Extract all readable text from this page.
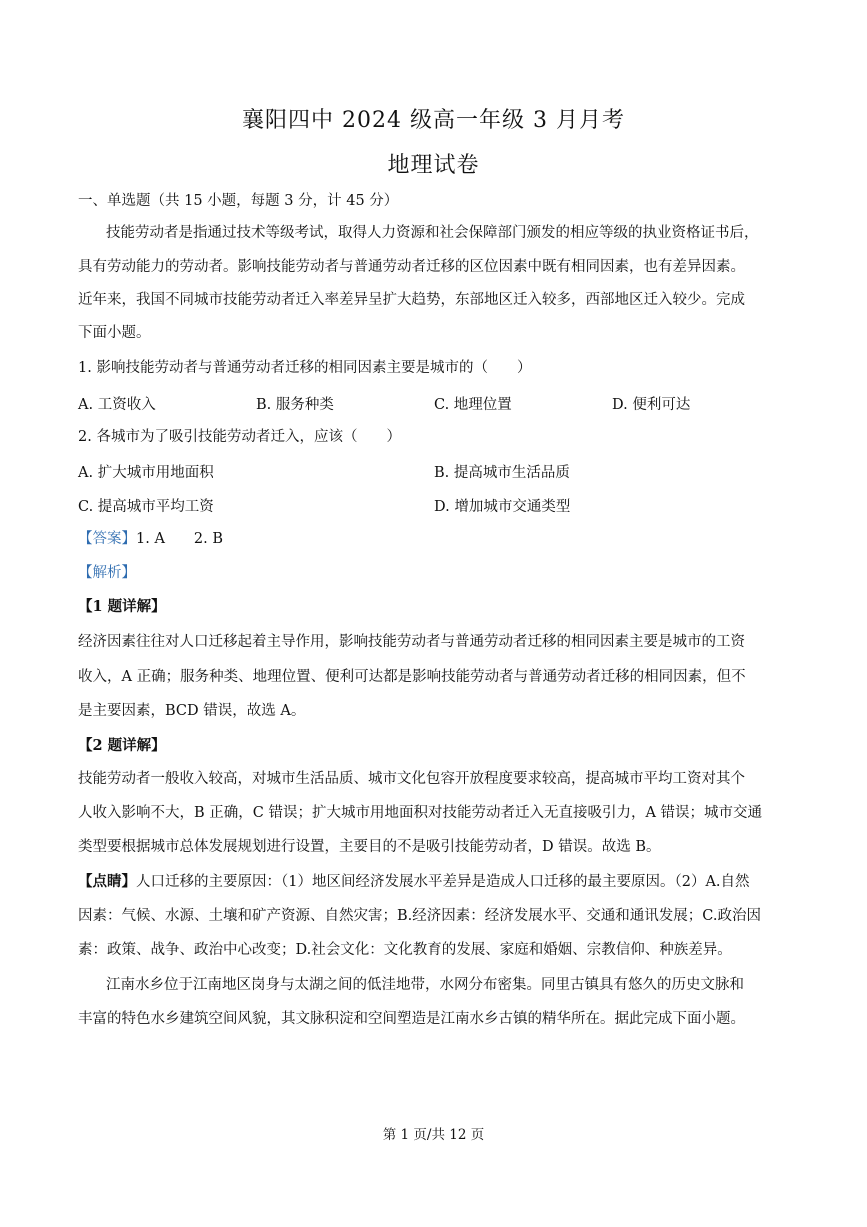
襄阳四中 2024 级高一年级 3 月月考
地理试卷
一、单选题（共 15 小题，每题 3 分，计 45 分）
技能劳动者是指通过技术等级考试，取得人力资源和社会保障部门颁发的相应等级的执业资格证书后，
具有劳动能力的劳动者。影响技能劳动者与普通劳动者迁移的区位因素中既有相同因素，也有差异因素。
近年来，我国不同城市技能劳动者迁入率差异呈扩大趋势，东部地区迁入较多，西部地区迁入较少。完成
下面小题。
1. 影响技能劳动者与普通劳动者迁移的相同因素主要是城市的（　　）
A. 工资收入	B. 服务种类	C. 地理位置	D. 便利可达
2. 各城市为了吸引技能劳动者迁入，应该（　　）
A. 扩大城市用地面积	B. 提高城市生活品质
C. 提高城市平均工资	D. 增加城市交通类型
【答案】1. A　　2. B
【解析】
【1 题详解】
经济因素往往对人口迁移起着主导作用，影响技能劳动者与普通劳动者迁移的相同因素主要是城市的工资
收入，A 正确；服务种类、地理位置、便利可达都是影响技能劳动者与普通劳动者迁移的相同因素，但不
是主要因素，BCD 错误，故选 A。
【2 题详解】
技能劳动者一般收入较高，对城市生活品质、城市文化包容开放程度要求较高，提高城市平均工资对其个
人收入影响不大，B 正确，C 错误；扩大城市用地面积对技能劳动者迁入无直接吸引力，A 错误；城市交通
类型要根据城市总体发展规划进行设置，主要目的不是吸引技能劳动者，D 错误。故选 B。
【点睛】人口迁移的主要原因：（1）地区间经济发展水平差异是造成人口迁移的最主要原因。（2）A.自然
因素：气候、水源、土壤和矿产资源、自然灾害；B.经济因素：经济发展水平、交通和通讯发展；C.政治因
素：政策、战争、政治中心改变；D.社会文化：文化教育的发展、家庭和婚姻、宗教信仰、种族差异。
江南水乡位于江南地区岗身与太湖之间的低洼地带，水网分布密集。同里古镇具有悠久的历史文脉和
丰富的特色水乡建筑空间风貌，其文脉积淀和空间塑造是江南水乡古镇的精华所在。据此完成下面小题。
第 1 页/共 12 页
